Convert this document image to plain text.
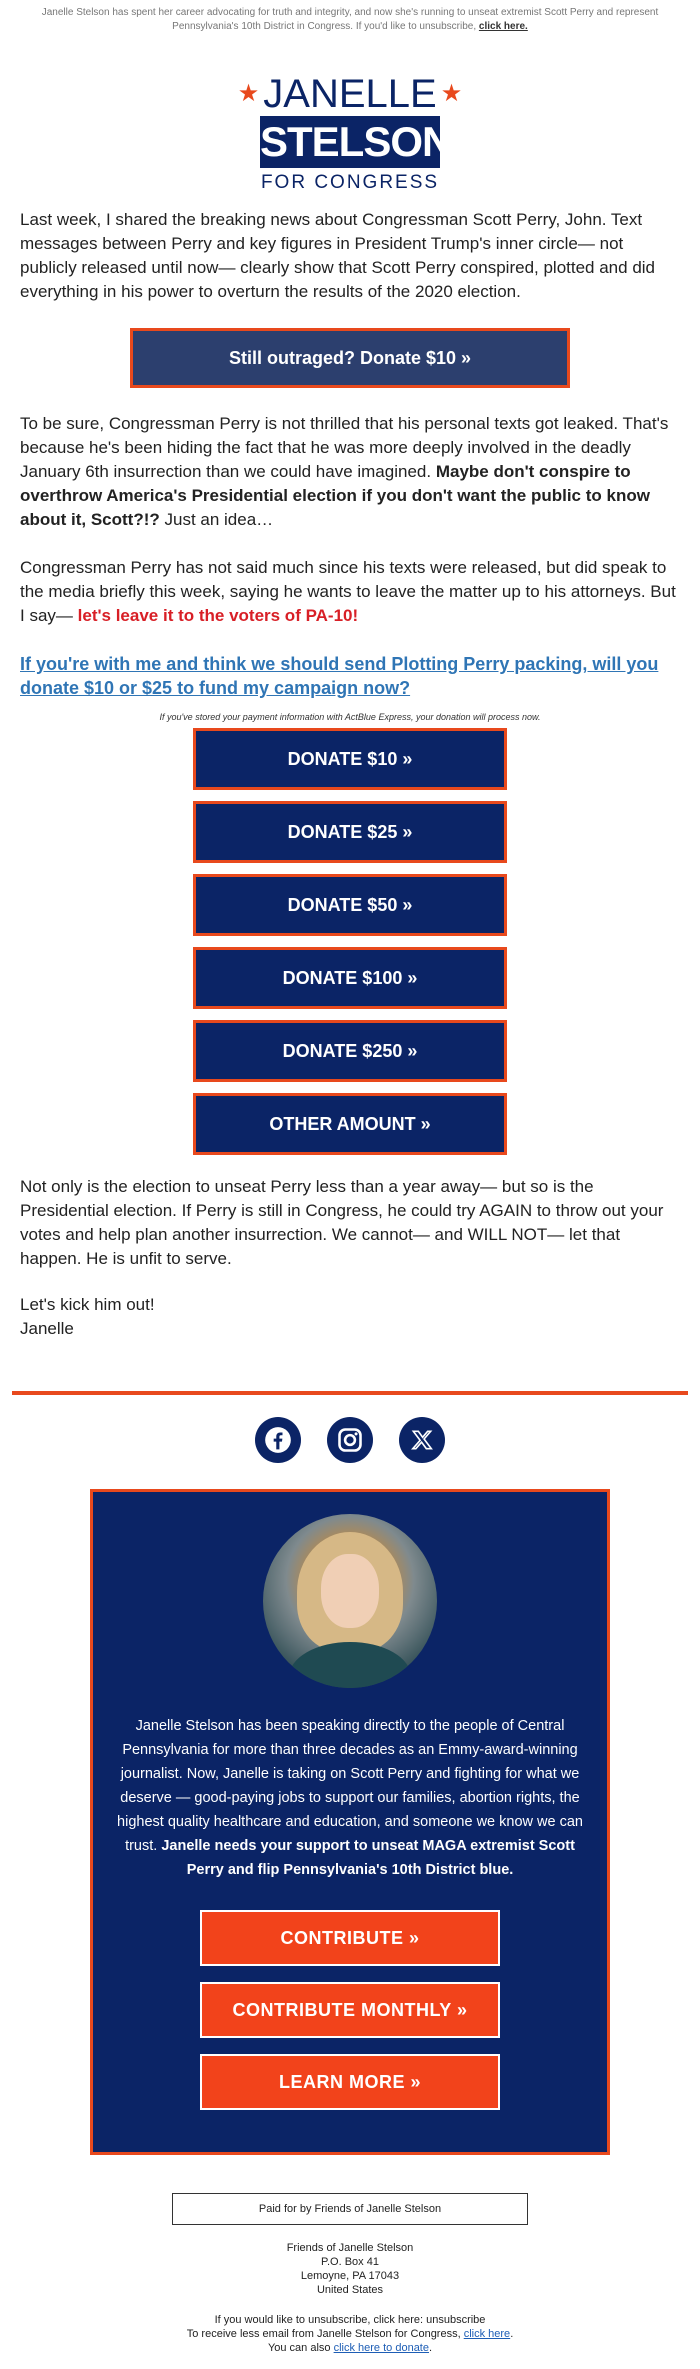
Janelle Stelson has spent her career advocating for truth and integrity, and now she's running to unseat extremist Scott Perry and represent Pennsylvania's 10th District in Congress. If you'd like to unsubscribe, click here.
★ JANELLE ★
STELSON
FOR CONGRESS

Last week, I shared the breaking news about Congressman Scott Perry, John. Text messages between Perry and key figures in President Trump's inner circle— not publicly released until now— clearly show that Scott Perry conspired, plotted and did everything in his power to overturn the results of the 2020 election.

Still outraged? Donate $10 »

To be sure, Congressman Perry is not thrilled that his personal texts got leaked. That's because he's been hiding the fact that he was more deeply involved in the deadly January 6th insurrection than we could have imagined. Maybe don't conspire to overthrow America's Presidential election if you don't want the public to know about it, Scott?!? Just an idea…

Congressman Perry has not said much since his texts were released, but did speak to the media briefly this week, saying he wants to leave the matter up to his attorneys. But I say— let's leave it to the voters of PA-10!

If you're with me and think we should send Plotting Perry packing, will you donate $10 or $25 to fund my campaign now?
If you've stored your payment information with ActBlue Express, your donation will process now.
DONATE $10 »
DONATE $25 »
DONATE $50 »
DONATE $100 »
DONATE $250 »
OTHER AMOUNT »

Not only is the election to unseat Perry less than a year away— but so is the Presidential election. If Perry is still in Congress, he could try AGAIN to throw out your votes and help plan another insurrection. We cannot— and WILL NOT— let that happen. He is unfit to serve.

Let's kick him out!
Janelle

Janelle Stelson has been speaking directly to the people of Central Pennsylvania for more than three decades as an Emmy-award-winning journalist. Now, Janelle is taking on Scott Perry and fighting for what we deserve — good-paying jobs to support our families, abortion rights, the highest quality healthcare and education, and someone we know we can trust. Janelle needs your support to unseat MAGA extremist Scott Perry and flip Pennsylvania's 10th District blue.
CONTRIBUTE »
CONTRIBUTE MONTHLY »
LEARN MORE »
Paid for by Friends of Janelle Stelson
Friends of Janelle Stelson
P.O. Box 41
Lemoyne, PA 17043
United States
If you would like to unsubscribe, click here: unsubscribe
To receive less email from Janelle Stelson for Congress, click here.
You can also click here to donate.
